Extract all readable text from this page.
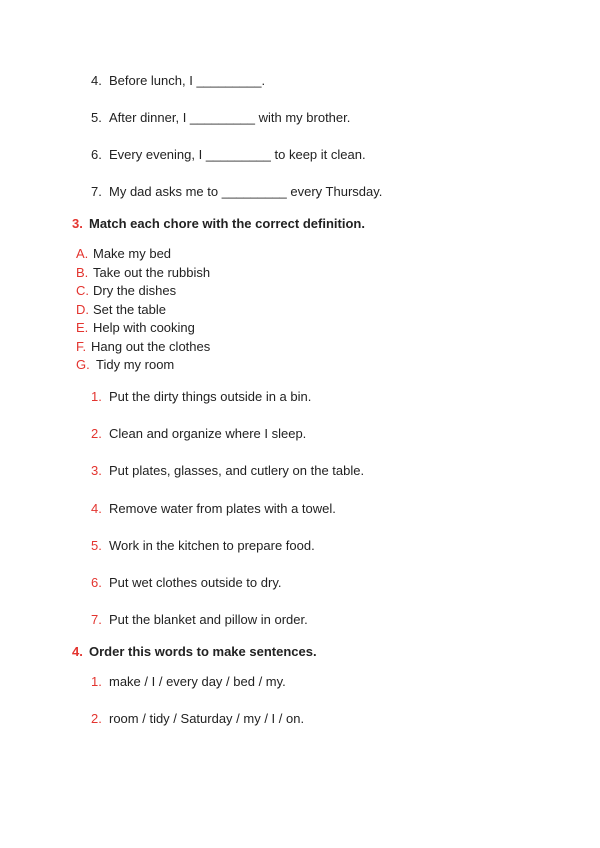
4. Before lunch, I _________.
5. After dinner, I _________ with my brother.
6. Every evening, I _________ to keep it clean.
7. My dad asks me to _________ every Thursday.
3. Match each chore with the correct definition.
A. Make my bed
B. Take out the rubbish
C. Dry the dishes
D. Set the table
E. Help with cooking
F. Hang out the clothes
G. Tidy my room
1. Put the dirty things outside in a bin.
2. Clean and organize where I sleep.
3. Put plates, glasses, and cutlery on the table.
4. Remove water from plates with a towel.
5. Work in the kitchen to prepare food.
6. Put wet clothes outside to dry.
7. Put the blanket and pillow in order.
4. Order this words to make sentences.
1. make / I / every day / bed / my.
2. room / tidy / Saturday / my / I / on.
